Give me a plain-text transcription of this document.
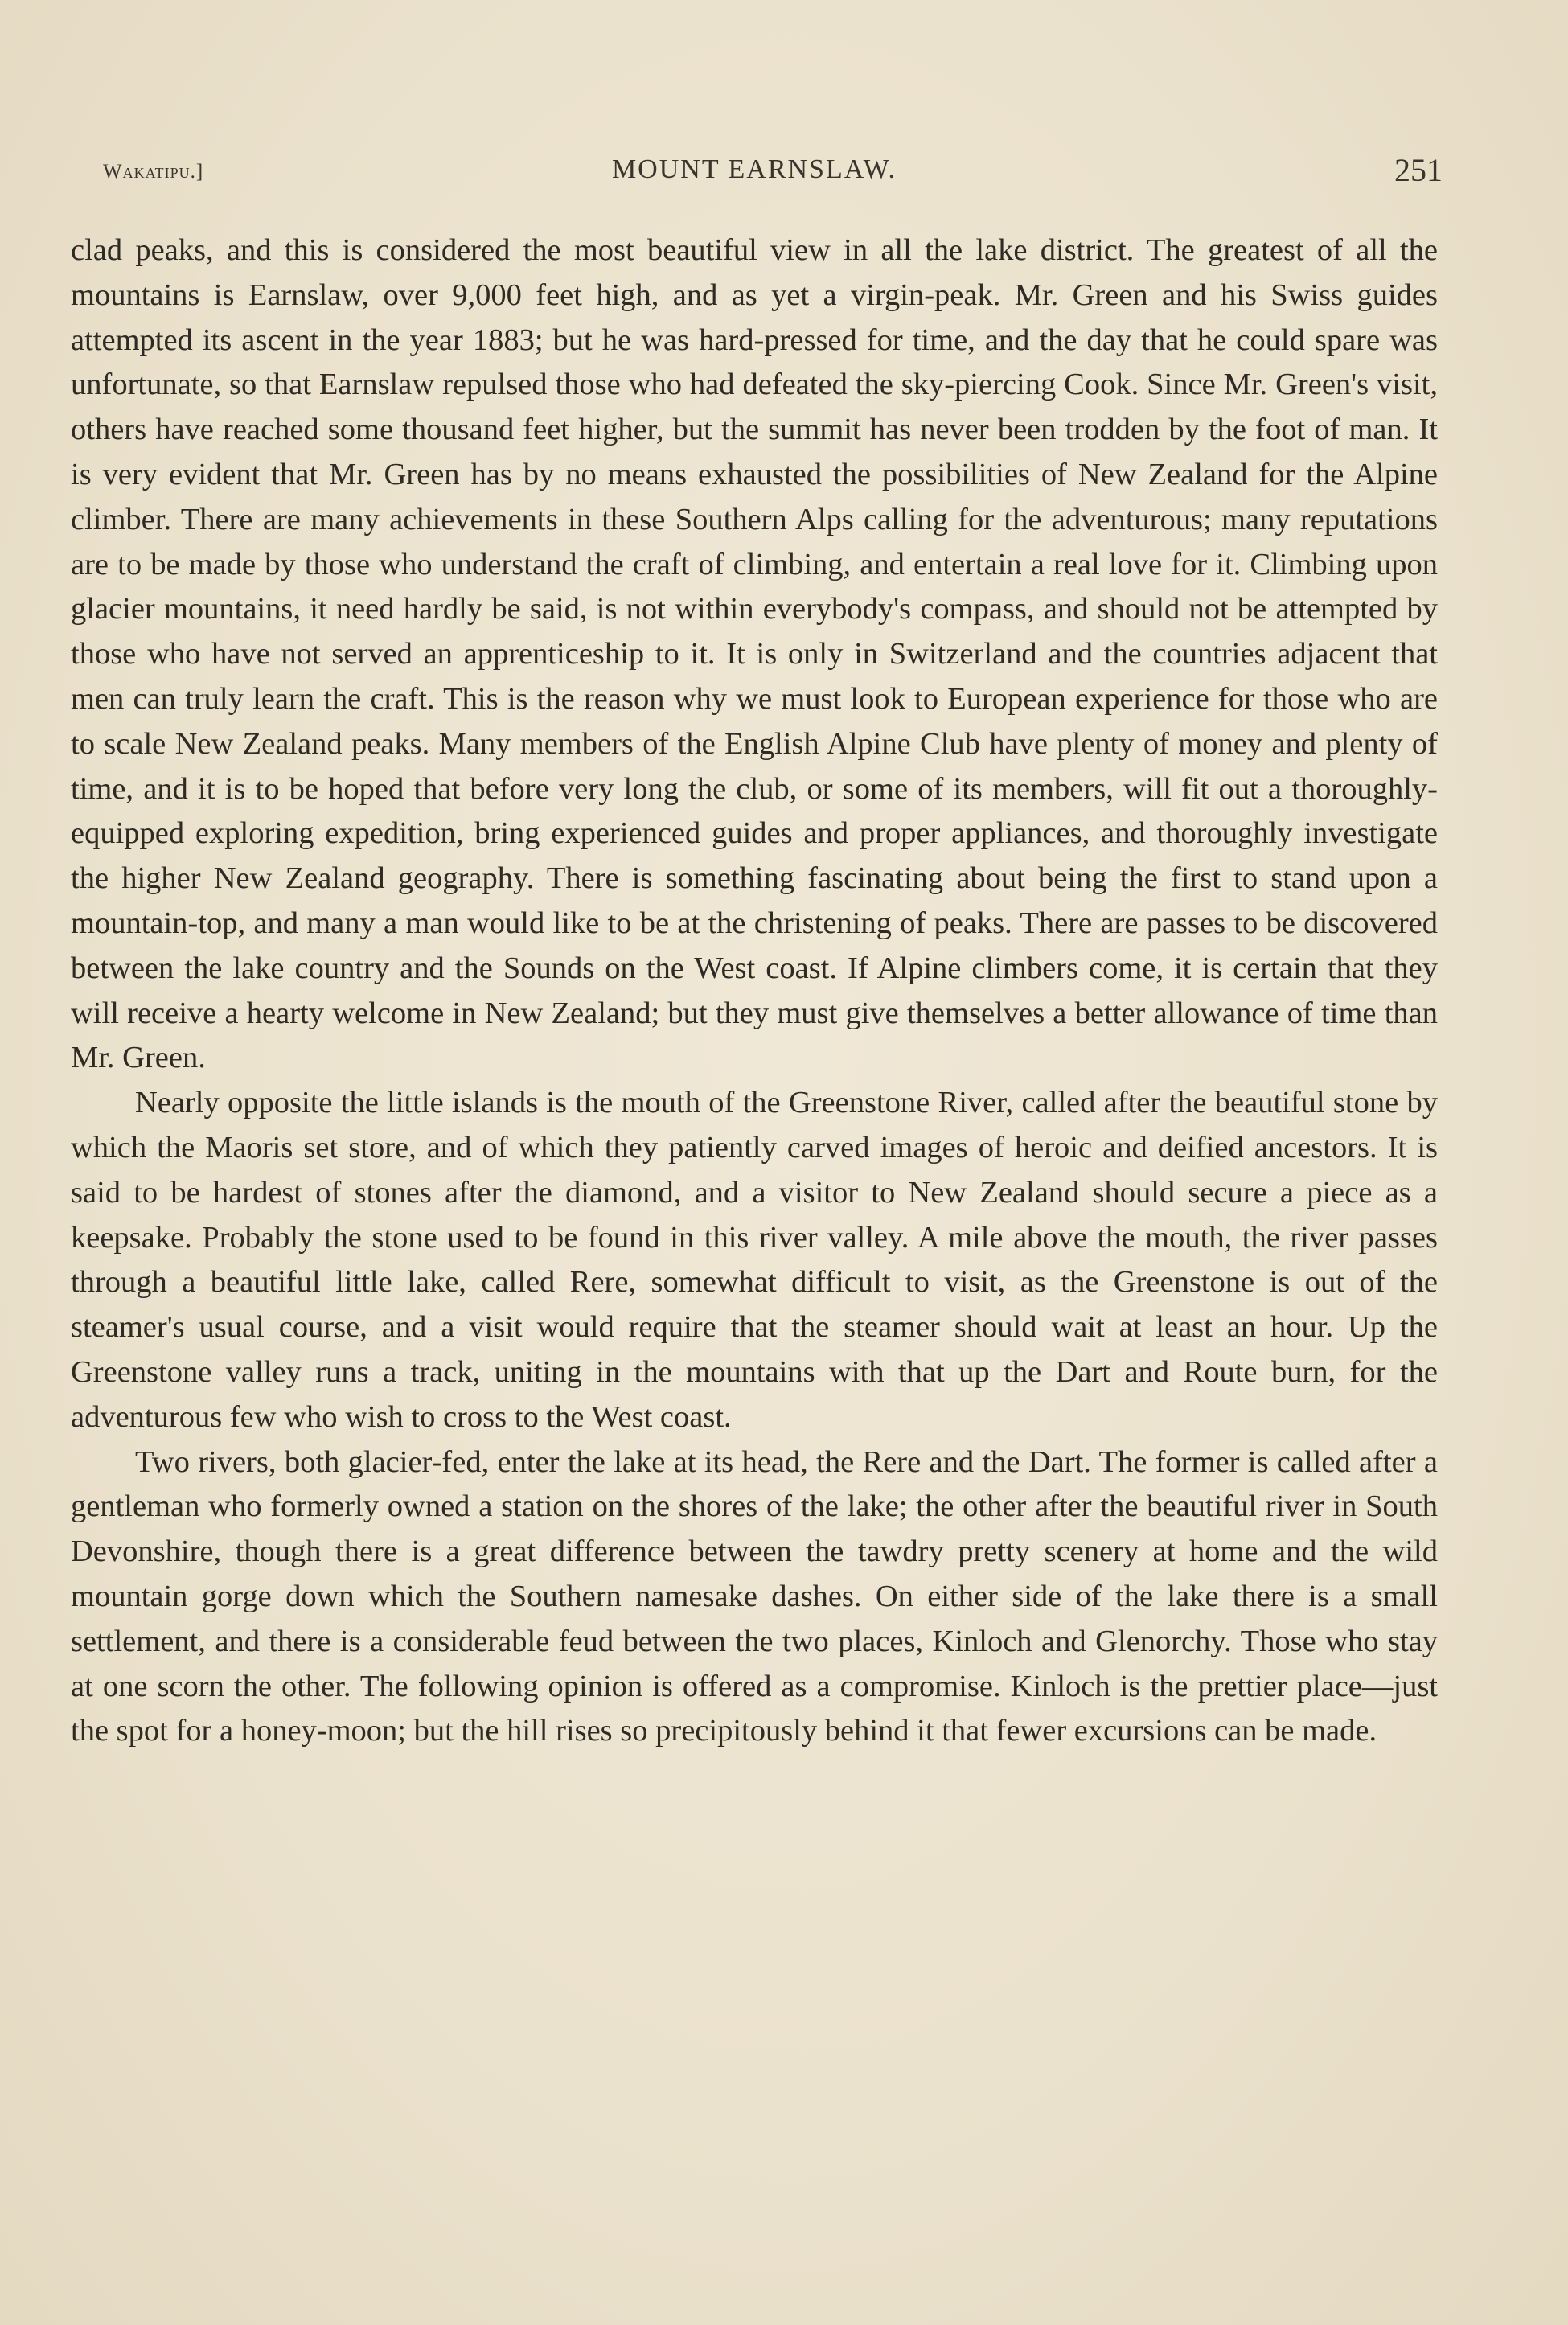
Wakatipu.]	MOUNT EARNSLAW.	251

clad peaks, and this is considered the most beautiful view in all the lake district. The greatest of all the mountains is Earnslaw, over 9,000 feet high, and as yet a virgin-peak. Mr. Green and his Swiss guides attempted its ascent in the year 1883; but he was hard-pressed for time, and the day that he could spare was unfortunate, so that Earnslaw repulsed those who had defeated the sky-piercing Cook. Since Mr. Green's visit, others have reached some thousand feet higher, but the summit has never been trodden by the foot of man. It is very evident that Mr. Green has by no means exhausted the possibilities of New Zealand for the Alpine climber. There are many achievements in these Southern Alps calling for the adventurous; many reputations are to be made by those who understand the craft of climbing, and entertain a real love for it. Climbing upon glacier mountains, it need hardly be said, is not within everybody's compass, and should not be attempted by those who have not served an apprenticeship to it. It is only in Switzerland and the countries adjacent that men can truly learn the craft. This is the reason why we must look to European experience for those who are to scale New Zealand peaks. Many members of the English Alpine Club have plenty of money and plenty of time, and it is to be hoped that before very long the club, or some of its members, will fit out a thoroughly-equipped exploring expedition, bring experienced guides and proper appliances, and thoroughly investigate the higher New Zealand geography. There is something fascinating about being the first to stand upon a mountain-top, and many a man would like to be at the christening of peaks. There are passes to be discovered between the lake country and the Sounds on the West coast. If Alpine climbers come, it is certain that they will receive a hearty welcome in New Zealand; but they must give themselves a better allowance of time than Mr. Green.

Nearly opposite the little islands is the mouth of the Greenstone River, called after the beautiful stone by which the Maoris set store, and of which they patiently carved images of heroic and deified ancestors. It is said to be hardest of stones after the diamond, and a visitor to New Zealand should secure a piece as a keepsake. Probably the stone used to be found in this river valley. A mile above the mouth, the river passes through a beautiful little lake, called Rere, somewhat difficult to visit, as the Greenstone is out of the steamer's usual course, and a visit would require that the steamer should wait at least an hour. Up the Greenstone valley runs a track, uniting in the mountains with that up the Dart and Route burn, for the adventurous few who wish to cross to the West coast.

Two rivers, both glacier-fed, enter the lake at its head, the Rere and the Dart. The former is called after a gentleman who formerly owned a station on the shores of the lake; the other after the beautiful river in South Devonshire, though there is a great difference between the tawdry pretty scenery at home and the wild mountain gorge down which the Southern namesake dashes. On either side of the lake there is a small settlement, and there is a considerable feud between the two places, Kinloch and Glenorchy. Those who stay at one scorn the other. The following opinion is offered as a compromise. Kinloch is the prettier place—just the spot for a honey-moon; but the hill rises so precipitously behind it that fewer excursions can be made.
